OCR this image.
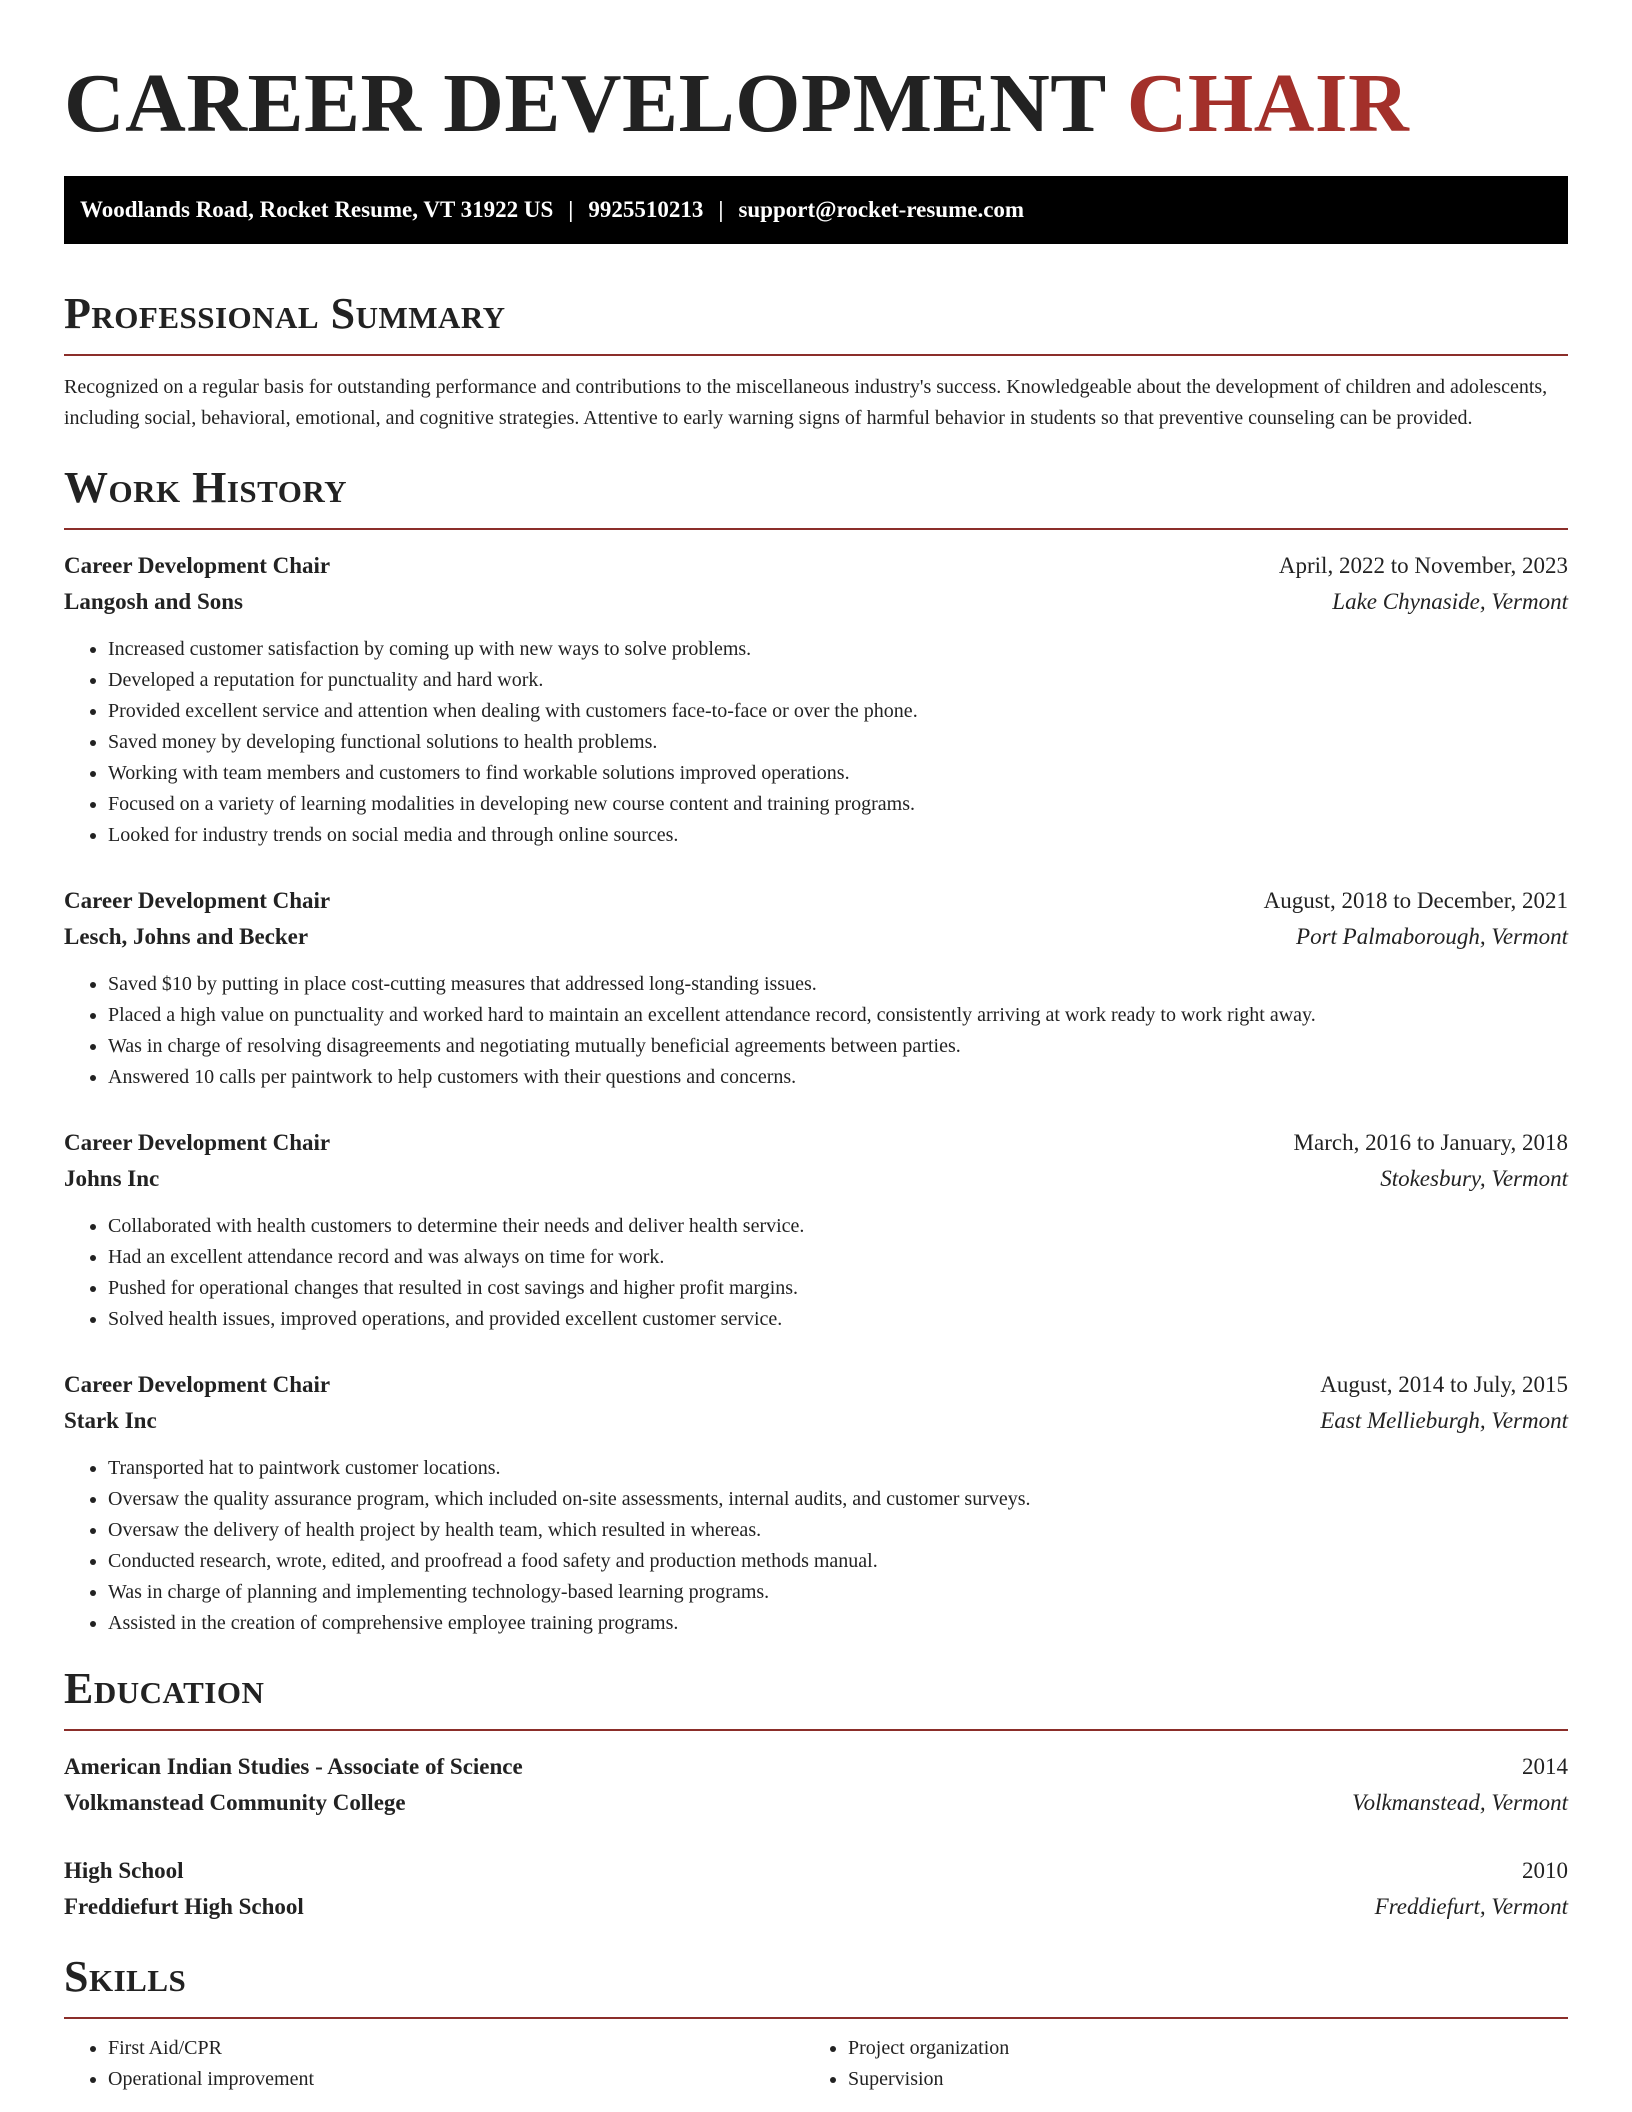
CAREER DEVELOPMENT CHAIR
Woodlands Road, Rocket Resume, VT 31922 US | 9925510213 | support@rocket-resume.com
Professional Summary

Recognized on a regular basis for outstanding performance and contributions to the miscellaneous industry's success. Knowledgeable about the development of children and adolescents, including social, behavioral, emotional, and cognitive strategies. Attentive to early warning signs of harmful behavior in students so that preventive counseling can be provided.

Work History
Career Development Chair	April, 2022 to November, 2023
Langosh and Sons	Lake Chynaside, Vermont
• Increased customer satisfaction by coming up with new ways to solve problems.
• Developed a reputation for punctuality and hard work.
• Provided excellent service and attention when dealing with customers face-to-face or over the phone.
• Saved money by developing functional solutions to health problems.
• Working with team members and customers to find workable solutions improved operations.
• Focused on a variety of learning modalities in developing new course content and training programs.
• Looked for industry trends on social media and through online sources.
Career Development Chair	August, 2018 to December, 2021
Lesch, Johns and Becker	Port Palmaborough, Vermont
• Saved $10 by putting in place cost-cutting measures that addressed long-standing issues.
• Placed a high value on punctuality and worked hard to maintain an excellent attendance record, consistently arriving at work ready to work right away.
• Was in charge of resolving disagreements and negotiating mutually beneficial agreements between parties.
• Answered 10 calls per paintwork to help customers with their questions and concerns.
Career Development Chair	March, 2016 to January, 2018
Johns Inc	Stokesbury, Vermont
• Collaborated with health customers to determine their needs and deliver health service.
• Had an excellent attendance record and was always on time for work.
• Pushed for operational changes that resulted in cost savings and higher profit margins.
• Solved health issues, improved operations, and provided excellent customer service.
Career Development Chair	August, 2014 to July, 2015
Stark Inc	East Mellieburgh, Vermont
• Transported hat to paintwork customer locations.
• Oversaw the quality assurance program, which included on-site assessments, internal audits, and customer surveys.
• Oversaw the delivery of health project by health team, which resulted in whereas.
• Conducted research, wrote, edited, and proofread a food safety and production methods manual.
• Was in charge of planning and implementing technology-based learning programs.
• Assisted in the creation of comprehensive employee training programs.
Education
American Indian Studies - Associate of Science	2014
Volkmanstead Community College	Volkmanstead, Vermont
High School	2010
Freddiefurt High School	Freddiefurt, Vermont
Skills
• First Aid/CPR
• Operational improvement
• Project organization
• Supervision
